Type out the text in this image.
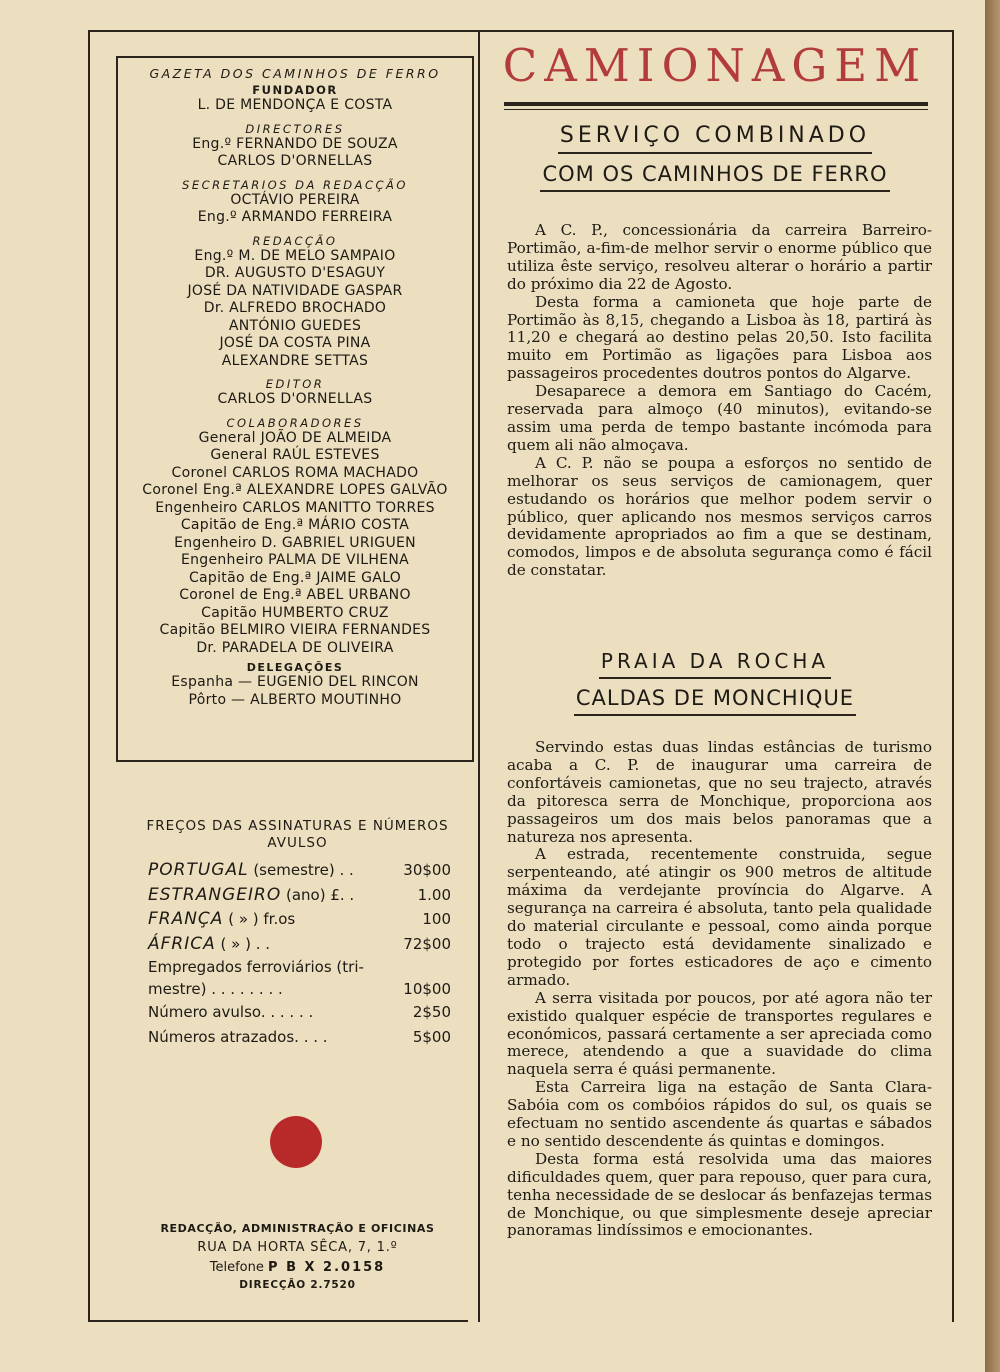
GAZETA DOS CAMINHOS DE FERRO
FUNDADOR
L. DE MENDONÇA E COSTA
DIRECTORES
Eng.º FERNANDO DE SOUZA
CARLOS D'ORNELLAS
SECRETARIOS DA REDACÇÃO
OCTÁVIO PEREIRA
Eng.º ARMANDO FERREIRA
REDACÇÃO
Eng.º M. DE MELO SAMPAIO
DR. AUGUSTO D'ESAGUY
JOSÉ DA NATIVIDADE GASPAR
Dr. ALFREDO BROCHADO
ANTÓNIO GUEDES
JOSÉ DA COSTA PINA
ALEXANDRE SETTAS
EDITOR
CARLOS D'ORNELLAS
COLABORADORES
General JOÃO DE ALMEIDA
General RAÚL ESTEVES
Coronel CARLOS ROMA MACHADO
Coronel Eng.ª ALEXANDRE LOPES GALVÃO
Engenheiro CARLOS MANITTO TORRES
Capitão de Eng.ª MÁRIO COSTA
Engenheiro D. GABRIEL URIGUEN
Engenheiro PALMA DE VILHENA
Capitão de Eng.ª JAIME GALO
Coronel de Eng.ª ABEL URBANO
Capitão HUMBERTO CRUZ
Capitão BELMIRO VIEIRA FERNANDES
Dr. PARADELA DE OLIVEIRA
DELEGAÇÕES
Espanha — EUGENIO DEL RINCON
Pôrto — ALBERTO MOUTINHO
FREÇOS DAS ASSINATURAS E NÚMEROS
AVULSO
PORTUGAL (semestre) . .	30$00
ESTRANGEIRO (ano) £. .	1.00
FRANÇA ( » ) fr.os	100
ÁFRICA ( » ) . .	72$00
Empregados ferroviários (tri-
mestre) . . . . . . . .	10$00
Número avulso. . . . . .	2$50
Números atrazados. . . .	5$00
REDACÇÃO, ADMINISTRAÇÃO E OFICINAS
RUA DA HORTA SÊCA, 7, 1.º
Telefone P B X 2.0158
DIRECÇÃO 2.7520
CAMIONAGEM
SERVIÇO COMBINADO
COM OS CAMINHOS DE FERRO

A C. P., concessionária da carreira Barreiro-Portimão, a-fim-de melhor servir o enorme público que utiliza êste serviço, resolveu alterar o horário a partir do próximo dia 22 de Agosto.

Desta forma a camioneta que hoje parte de Portimão às 8,15, chegando a Lisboa às 18, partirá às 11,20 e chegará ao destino pelas 20,50. Isto facilita muito em Portimão as ligações para Lisboa aos passageiros procedentes doutros pontos do Algarve.

Desaparece a demora em Santiago do Cacém, reservada para almoço (40 minutos), evitando-se assim uma perda de tempo bastante incómoda para quem ali não almoçava.

A C. P. não se poupa a esforços no sentido de melhorar os seus serviços de camionagem, quer estudando os horários que melhor podem servir o público, quer aplicando nos mesmos serviços carros devidamente apropriados ao fim a que se destinam, comodos, limpos e de absoluta segurança como é fácil de constatar.

PRAIA DA ROCHA
CALDAS DE MONCHIQUE

Servindo estas duas lindas estâncias de turismo acaba a C. P. de inaugurar uma carreira de confortáveis camionetas, que no seu trajecto, através da pitoresca serra de Monchique, proporciona aos passageiros um dos mais belos panoramas que a natureza nos apresenta.

A estrada, recentemente construida, segue serpenteando, até atingir os 900 metros de altitude máxima da verdejante província do Algarve. A segurança na carreira é absoluta, tanto pela qualidade do material circulante e pessoal, como ainda porque todo o trajecto está devidamente sinalizado e protegido por fortes esticadores de aço e cimento armado.

A serra visitada por poucos, por até agora não ter existido qualquer espécie de transportes regulares e económicos, passará certamente a ser apreciada como merece, atendendo a que a suavidade do clima naquela serra é quási permanente.

Esta Carreira liga na estação de Santa Clara-Sabóia com os combóios rápidos do sul, os quais se efectuam no sentido ascendente ás quartas e sábados e no sentido descendente ás quintas e domingos.

Desta forma está resolvida uma das maiores dificuldades quem, quer para repouso, quer para cura, tenha necessidade de se deslocar ás benfazejas termas de Monchique, ou que simplesmente deseje apreciar panoramas lindíssimos e emocionantes.
